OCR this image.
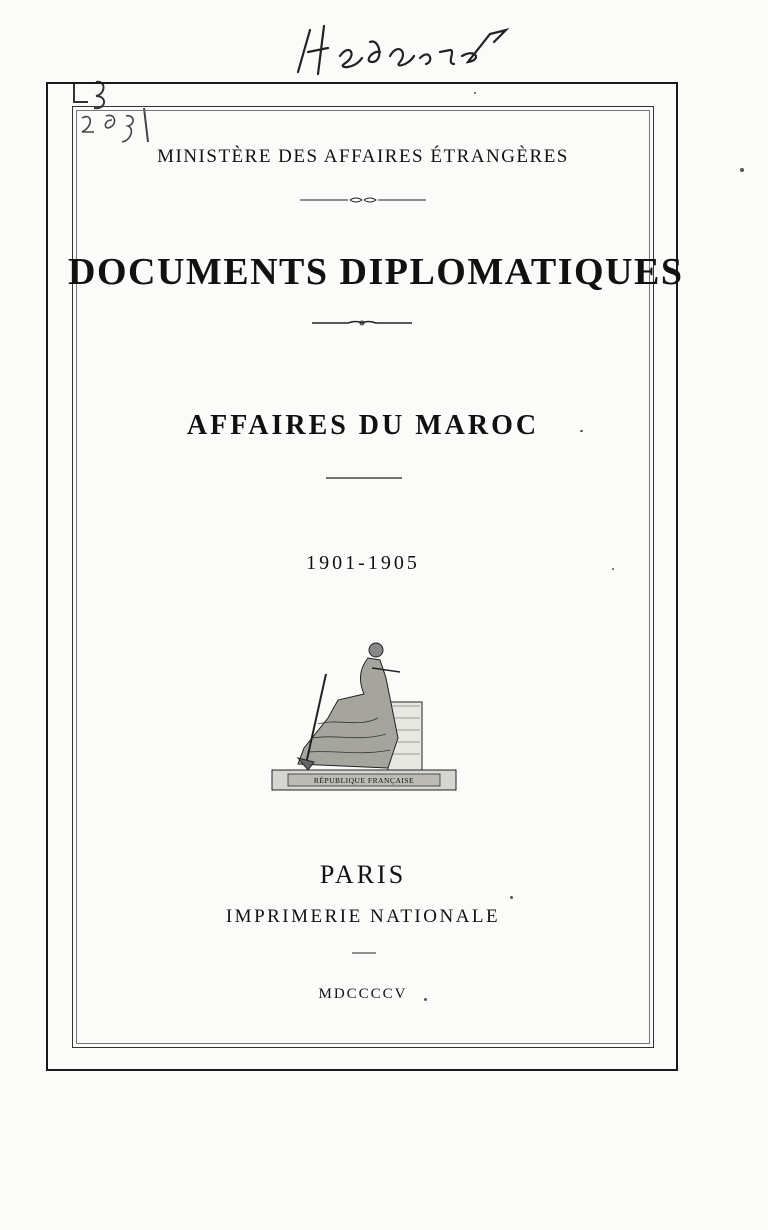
MINISTÈRE DES AFFAIRES ÉTRANGÈRES

DOCUMENTS DIPLOMATIQUES
AFFAIRES DU MAROC

1901-1905

RÉPUBLIQUE FRANÇAISE

PARIS

IMPRIMERIE NATIONALE

MDCCCCV
